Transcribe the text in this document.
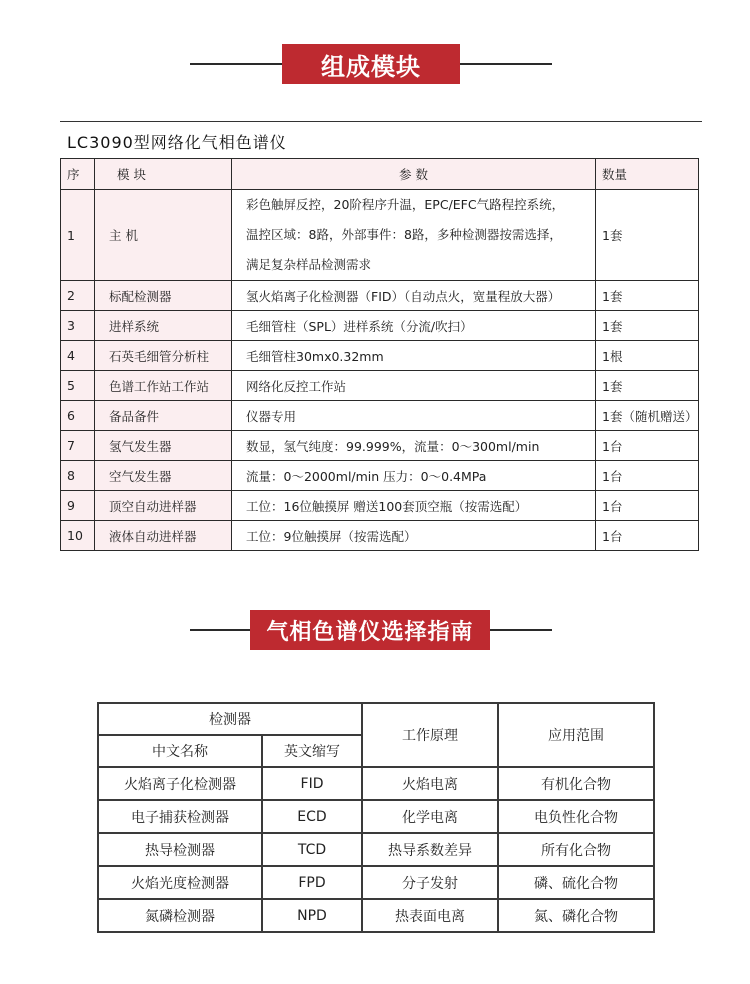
组成模块
LC3090型网络化气相色谱仪
序	模 块	参 数	数量
1	主 机	彩色触屏反控，20阶程序升温，EPC/EFC气路程控系统，
温控区域：8路，外部事件：8路，多种检测器按需选择，
满足复杂样品检测需求	1套
2	标配检测器	氢火焰离子化检测器（FID）（自动点火，宽量程放大器）	1套
3	进样系统	毛细管柱（SPL）进样系统（分流/吹扫）	1套
4	石英毛细管分析柱	毛细管柱30mx0.32mm	1根
5	色谱工作站工作站	网络化反控工作站	1套
6	备品备件	仪器专用	1套（随机赠送）
7	氢气发生器	数显，氢气纯度：99.999%，流量：0～300ml/min	1台
8	空气发生器	流量：0～2000ml/min 压力：0～0.4MPa	1台
9	顶空自动进样器	工位：16位触摸屏 赠送100套顶空瓶（按需选配）	1台
10	液体自动进样器	工位：9位触摸屏（按需选配）	1台
气相色谱仪选择指南
检测器		工作原理	应用范围
中文名称	英文缩写		
火焰离子化检测器	FID	火焰电离	有机化合物
电子捕获检测器	ECD	化学电离	电负性化合物
热导检测器	TCD	热导系数差异	所有化合物
火焰光度检测器	FPD	分子发射	磷、硫化合物
氮磷检测器	NPD	热表面电离	氮、磷化合物
